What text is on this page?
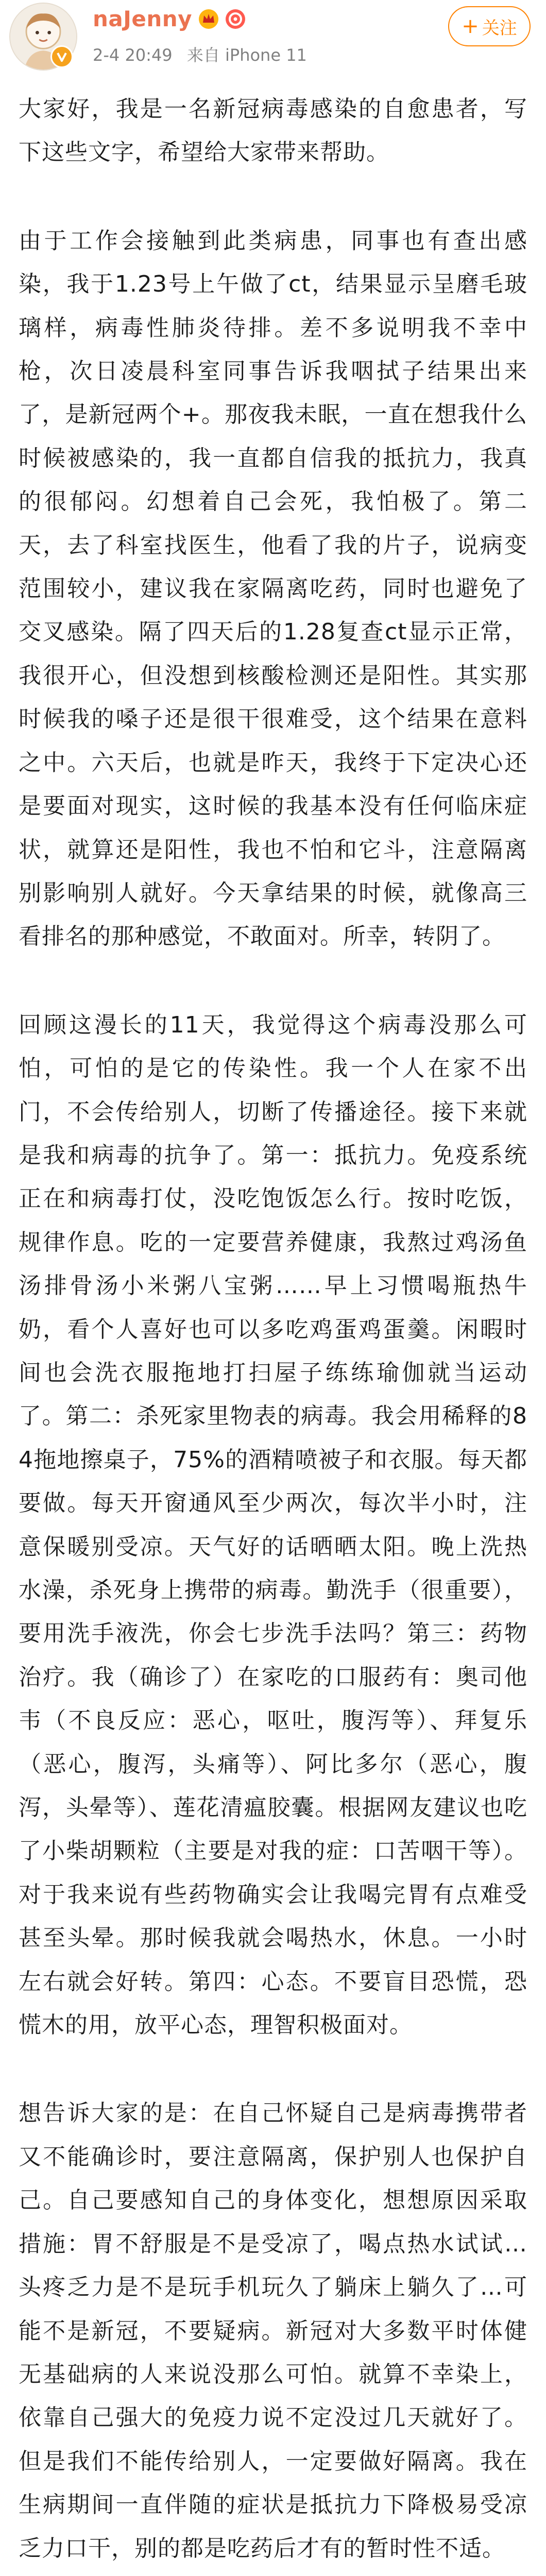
naJenny
2-4 20:49 来自 iPhone 11
+ 关注

大家好，我是一名新冠病毒感染的自愈患者，写下这些文字，希望给大家带来帮助。

由于工作会接触到此类病患，同事也有查出感染，我于1.23号上午做了ct，结果显示呈磨毛玻璃样，病毒性肺炎待排。差不多说明我不幸中枪，次日凌晨科室同事告诉我咽拭子结果出来了，是新冠两个+。那夜我未眠，一直在想我什么时候被感染的，我一直都自信我的抵抗力，我真的很郁闷。幻想着自己会死，我怕极了。第二天，去了科室找医生，他看了我的片子，说病变范围较小，建议我在家隔离吃药，同时也避免了交叉感染。隔了四天后的1.28复查ct显示正常，我很开心，但没想到核酸检测还是阳性。其实那时候我的嗓子还是很干很难受，这个结果在意料之中。六天后，也就是昨天，我终于下定决心还是要面对现实，这时候的我基本没有任何临床症状，就算还是阳性，我也不怕和它斗，注意隔离别影响别人就好。今天拿结果的时候，就像高三看排名的那种感觉，不敢面对。所幸，转阴了。

回顾这漫长的11天，我觉得这个病毒没那么可怕，可怕的是它的传染性。我一个人在家不出门，不会传给别人，切断了传播途径。接下来就是我和病毒的抗争了。第一：抵抗力。免疫系统正在和病毒打仗，没吃饱饭怎么行。按时吃饭，规律作息。吃的一定要营养健康，我熬过鸡汤鱼汤排骨汤小米粥八宝粥……早上习惯喝瓶热牛奶，看个人喜好也可以多吃鸡蛋鸡蛋羹。闲暇时间也会洗衣服拖地打扫屋子练练瑜伽就当运动了。第二：杀死家里物表的病毒。我会用稀释的84拖地擦桌子，75%的酒精喷被子和衣服。每天都要做。每天开窗通风至少两次，每次半小时，注意保暖别受凉。天气好的话晒晒太阳。晚上洗热水澡，杀死身上携带的病毒。勤洗手（很重要），要用洗手液洗，你会七步洗手法吗？第三：药物治疗。我（确诊了）在家吃的口服药有：奥司他韦（不良反应：恶心，呕吐，腹泻等）、拜复乐（恶心，腹泻，头痛等）、阿比多尔（恶心，腹泻，头晕等）、莲花清瘟胶囊。根据网友建议也吃了小柴胡颗粒（主要是对我的症：口苦咽干等）。对于我来说有些药物确实会让我喝完胃有点难受甚至头晕。那时候我就会喝热水，休息。一小时左右就会好转。第四：心态。不要盲目恐慌，恐慌木的用，放平心态，理智积极面对。

想告诉大家的是：在自己怀疑自己是病毒携带者又不能确诊时，要注意隔离，保护别人也保护自己。自己要感知自己的身体变化，想想原因采取措施：胃不舒服是不是受凉了，喝点热水试试…头疼乏力是不是玩手机玩久了躺床上躺久了…可能不是新冠，不要疑病。新冠对大多数平时体健无基础病的人来说没那么可怕。就算不幸染上，依靠自己强大的免疫力说不定没过几天就好了。但是我们不能传给别人，一定要做好隔离。我在生病期间一直伴随的症状是抵抗力下降极易受凉乏力口干，别的都是吃药后才有的暂时性不适。
